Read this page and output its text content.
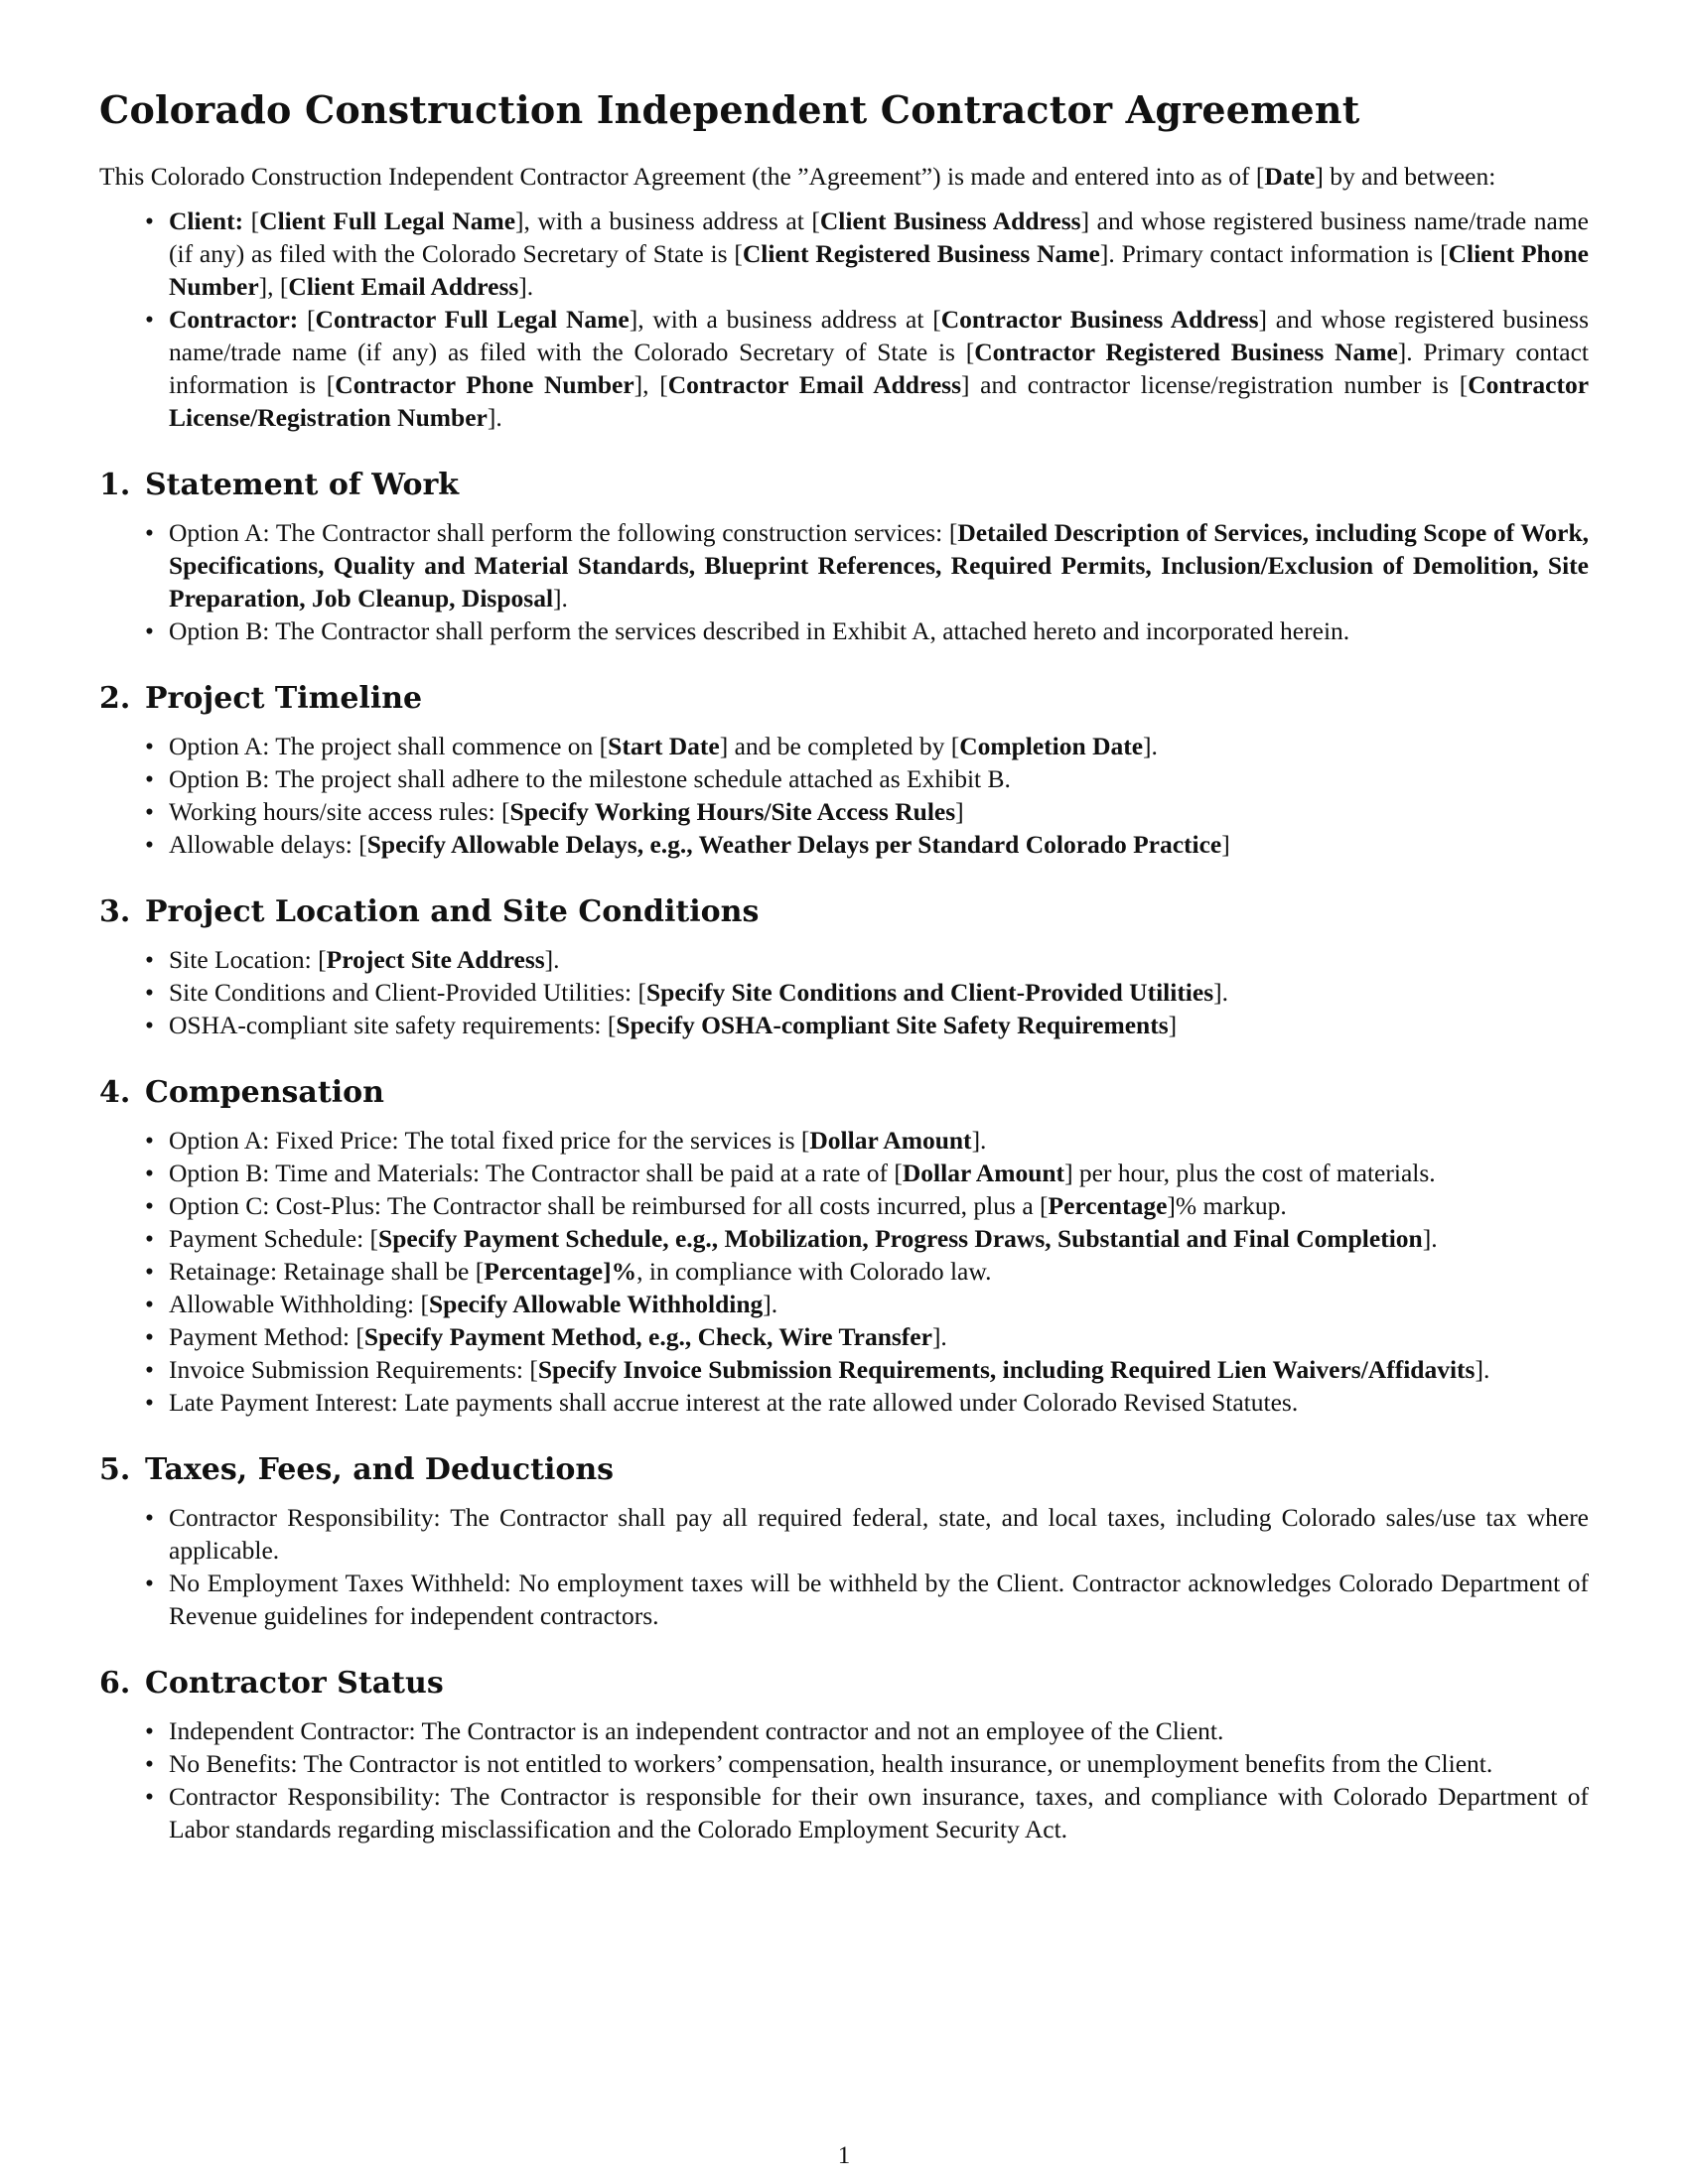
Colorado Construction Independent Contractor Agreement

This Colorado Construction Independent Contractor Agreement (the ”Agreement”) is made and entered into as of [Date] by and between:

• Client: [Client Full Legal Name], with a business address at [Client Business Address] and whose registered business name/trade name (if any) as filed with the Colorado Secretary of State is [Client Registered Business Name]. Primary contact information is [Client Phone Number], [Client Email Address].
• Contractor: [Contractor Full Legal Name], with a business address at [Contractor Business Address] and whose registered business name/trade name (if any) as filed with the Colorado Secretary of State is [Contractor Registered Business Name]. Primary contact information is [Contractor Phone Number], [Contractor Email Address] and contractor license/registration number is [Contractor License/Registration Number].
1. Statement of Work
• Option A: The Contractor shall perform the following construction services: [Detailed Description of Services, including Scope of Work, Specifications, Quality and Material Standards, Blueprint References, Required Permits, Inclusion/Exclusion of Demolition, Site Preparation, Job Cleanup, Disposal].
• Option B: The Contractor shall perform the services described in Exhibit A, attached hereto and incorporated herein.
2. Project Timeline
• Option A: The project shall commence on [Start Date] and be completed by [Completion Date].
• Option B: The project shall adhere to the milestone schedule attached as Exhibit B.
• Working hours/site access rules: [Specify Working Hours/Site Access Rules]
• Allowable delays: [Specify Allowable Delays, e.g., Weather Delays per Standard Colorado Practice]
3. Project Location and Site Conditions
• Site Location: [Project Site Address].
• Site Conditions and Client-Provided Utilities: [Specify Site Conditions and Client-Provided Utilities].
• OSHA-compliant site safety requirements: [Specify OSHA-compliant Site Safety Requirements]
4. Compensation
• Option A: Fixed Price: The total fixed price for the services is [Dollar Amount].
• Option B: Time and Materials: The Contractor shall be paid at a rate of [Dollar Amount] per hour, plus the cost of materials.
• Option C: Cost-Plus: The Contractor shall be reimbursed for all costs incurred, plus a [Percentage]% markup.
• Payment Schedule: [Specify Payment Schedule, e.g., Mobilization, Progress Draws, Substantial and Final Completion].
• Retainage: Retainage shall be [Percentage]%, in compliance with Colorado law.
• Allowable Withholding: [Specify Allowable Withholding].
• Payment Method: [Specify Payment Method, e.g., Check, Wire Transfer].
• Invoice Submission Requirements: [Specify Invoice Submission Requirements, including Required Lien Waivers/Affidavits].
• Late Payment Interest: Late payments shall accrue interest at the rate allowed under Colorado Revised Statutes.
5. Taxes, Fees, and Deductions
• Contractor Responsibility: The Contractor shall pay all required federal, state, and local taxes, including Colorado sales/use tax where applicable.
• No Employment Taxes Withheld: No employment taxes will be withheld by the Client. Contractor acknowledges Colorado Department of Revenue guidelines for independent contractors.
6. Contractor Status
• Independent Contractor: The Contractor is an independent contractor and not an employee of the Client.
• No Benefits: The Contractor is not entitled to workers’ compensation, health insurance, or unemployment benefits from the Client.
• Contractor Responsibility: The Contractor is responsible for their own insurance, taxes, and compliance with Colorado Department of Labor standards regarding misclassification and the Colorado Employment Security Act.
1
